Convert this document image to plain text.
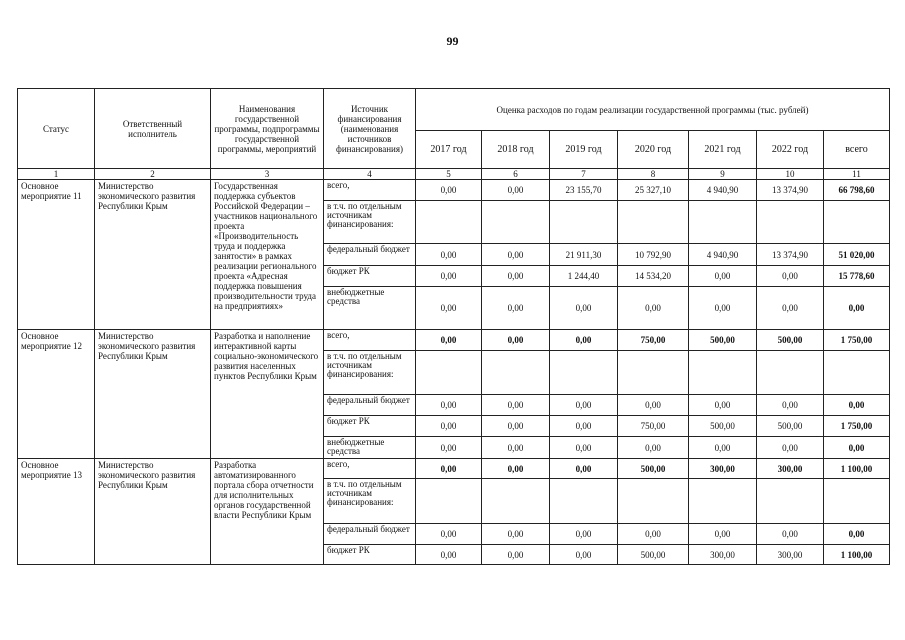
99
Статус	Ответственный исполнитель	Наименования государственной программы, подпрограммы государственной программы, мероприятий	Источник финансирования (наименования источников финансирования)	Оценка расходов по годам реализации государственной программы (тыс. рублей)						
				2017 год	2018 год	2019 год	2020 год	2021 год	2022 год	всего
1	2	3	4	5	6	7	8	9	10	11
Основное мероприятие 11	Министерство экономического развития Республики Крым	Государственная поддержка субъектов Российской Федерации – участников национального проекта «Производительность труда и поддержка занятости» в рамках реализации регионального проекта «Адресная поддержка повышения производительности труда на предприятиях»	всего,	0,00	0,00	23 155,70	25 327,10	4 940,90	13 374,90	66 798,60
			в т.ч. по отдельным источникам финансирования:							
			федеральный бюджет	0,00	0,00	21 911,30	10 792,90	4 940,90	13 374,90	51 020,00
			бюджет РК	0,00	0,00	1 244,40	14 534,20	0,00	0,00	15 778,60
			внебюджетные средства	0,00	0,00	0,00	0,00	0,00	0,00	0,00
Основное мероприятие 12	Министерство экономического развития Республики Крым	Разработка и наполнение интерактивной карты социально-экономического развития населенных пунктов Республики Крым	всего,	0,00	0,00	0,00	750,00	500,00	500,00	1 750,00
			в т.ч. по отдельным источникам финансирования:							
			федеральный бюджет	0,00	0,00	0,00	0,00	0,00	0,00	0,00
			бюджет РК	0,00	0,00	0,00	750,00	500,00	500,00	1 750,00
			внебюджетные средства	0,00	0,00	0,00	0,00	0,00	0,00	0,00
Основное мероприятие 13	Министерство экономического развития Республики Крым	Разработка автоматизированного портала сбора отчетности для исполнительных органов государственной власти Республики Крым	всего,	0,00	0,00	0,00	500,00	300,00	300,00	1 100,00
			в т.ч. по отдельным источникам финансирования:							
			федеральный бюджет	0,00	0,00	0,00	0,00	0,00	0,00	0,00
			бюджет РК	0,00	0,00	0,00	500,00	300,00	300,00	1 100,00
